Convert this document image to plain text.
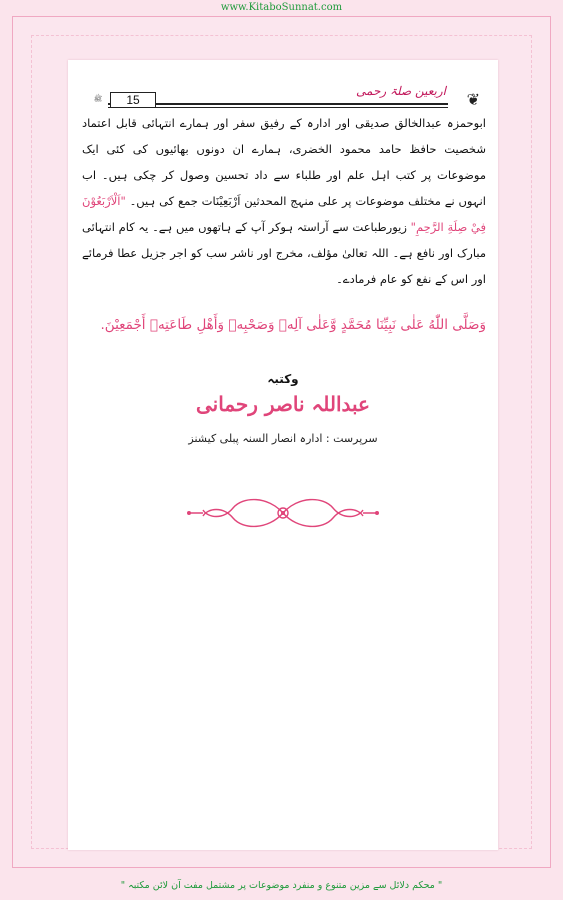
www.KitaboSunnat.com
ﷺ	15
اربعین صلۃ رحمی ❦
ابوحمزہ عبدالخالق صدیقی اور ادارہ کے رفیق سفر اور ہمارے انتہائی قابل اعتماد شخصیت حافظ حامد محمود الخضری، ہمارے ان دونوں بھائیوں کی کئی ایک موضوعات پر کتب اہل علم اور طلباء سے داد تحسین وصول کر چکی ہیں۔ اب انہوں نے مختلف موضوعات پر علی منہج المحدثین اَرْبَعِیْنَات جمع کی ہیں۔ "اَلْاَرْبَعُوْنَ فِيْ صِلَةِ الرَّحِمِ" زیورطباعت سے آراستہ ہوکر آپ کے ہاتھوں میں ہے۔ یہ کام انتہائی مبارک اور نافع ہے۔ اللہ تعالیٰ مؤلف، مخرج اور ناشر سب کو اجر جزیل عطا فرمائے اور اس کے نفع کو عام فرمادے۔
وَصَلَّى اللّٰهُ عَلٰى نَبِيِّنَا مُحَمَّدٍ وَّعَلٰى آلِهٖ وَصَحْبِهٖ وَأَهْلِ طَاعَتِهٖ أَجْمَعِيْنَ.
وکتبہ
عبداللہ ناصر رحمانی
سرپرست : ادارہ انصار السنہ پبلی کیشنز
" محکم دلائل سے مزین متنوع و منفرد موضوعات پر مشتمل مفت آن لائن مکتبہ "
